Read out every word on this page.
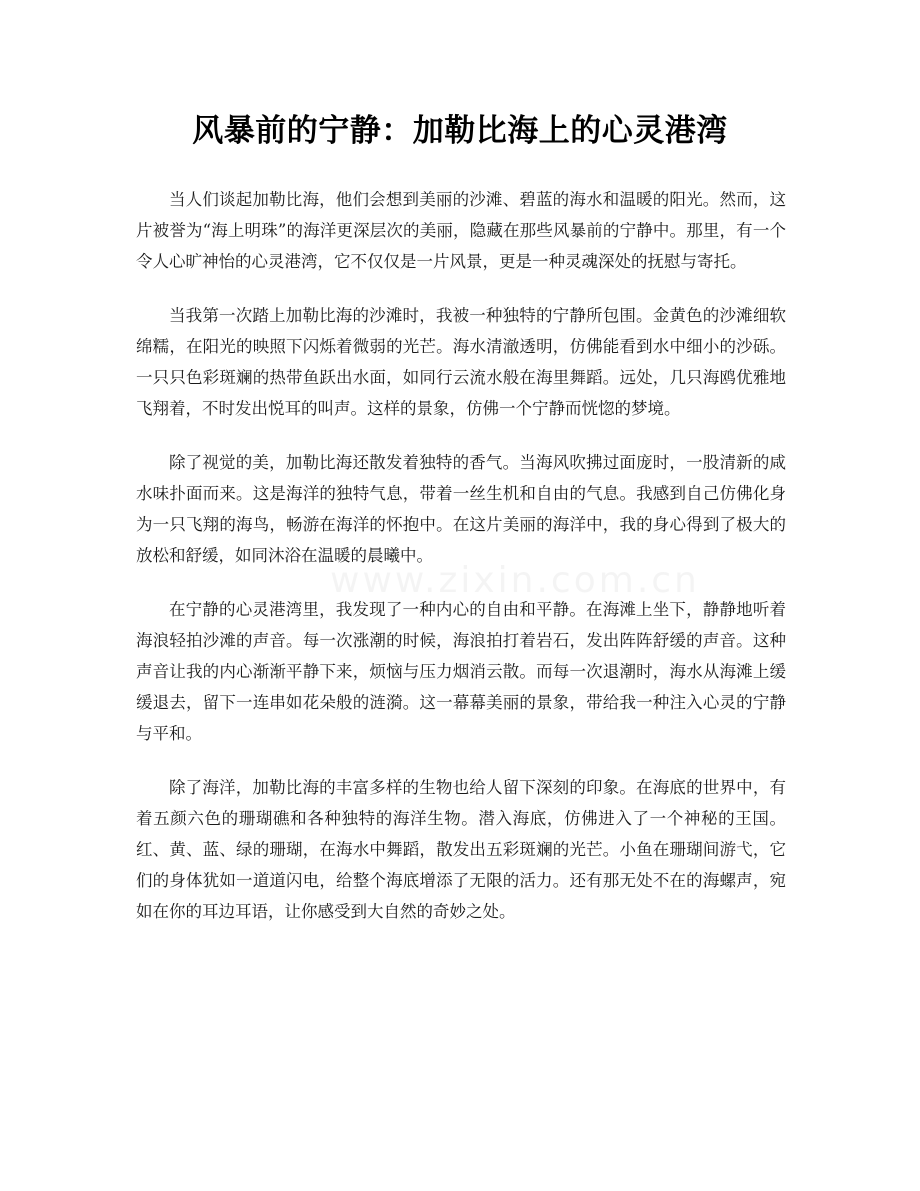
风暴前的宁静：加勒比海上的心灵港湾

当人们谈起加勒比海，他们会想到美丽的沙滩、碧蓝的海水和温暖的阳光。然而，这片被誉为“海上明珠”的海洋更深层次的美丽，隐藏在那些风暴前的宁静中。那里，有一个令人心旷神怡的心灵港湾，它不仅仅是一片风景，更是一种灵魂深处的抚慰与寄托。

当我第一次踏上加勒比海的沙滩时，我被一种独特的宁静所包围。金黄色的沙滩细软绵糯，在阳光的映照下闪烁着微弱的光芒。海水清澈透明，仿佛能看到水中细小的沙砾。一只只色彩斑斓的热带鱼跃出水面，如同行云流水般在海里舞蹈。远处，几只海鸥优雅地飞翔着，不时发出悦耳的叫声。这样的景象，仿佛一个宁静而恍惚的梦境。

除了视觉的美，加勒比海还散发着独特的香气。当海风吹拂过面庞时，一股清新的咸水味扑面而来。这是海洋的独特气息，带着一丝生机和自由的气息。我感到自己仿佛化身为一只飞翔的海鸟，畅游在海洋的怀抱中。在这片美丽的海洋中，我的身心得到了极大的放松和舒缓，如同沐浴在温暖的晨曦中。

在宁静的心灵港湾里，我发现了一种内心的自由和平静。在海滩上坐下，静静地听着海浪轻拍沙滩的声音。每一次涨潮的时候，海浪拍打着岩石，发出阵阵舒缓的声音。这种声音让我的内心渐渐平静下来，烦恼与压力烟消云散。而每一次退潮时，海水从海滩上缓缓退去，留下一连串如花朵般的涟漪。这一幕幕美丽的景象，带给我一种注入心灵的宁静与平和。

除了海洋，加勒比海的丰富多样的生物也给人留下深刻的印象。在海底的世界中，有着五颜六色的珊瑚礁和各种独特的海洋生物。潜入海底，仿佛进入了一个神秘的王国。红、黄、蓝、绿的珊瑚，在海水中舞蹈，散发出五彩斑斓的光芒。小鱼在珊瑚间游弋，它们的身体犹如一道道闪电，给整个海底增添了无限的活力。还有那无处不在的海螺声，宛如在你的耳边耳语，让你感受到大自然的奇妙之处。
